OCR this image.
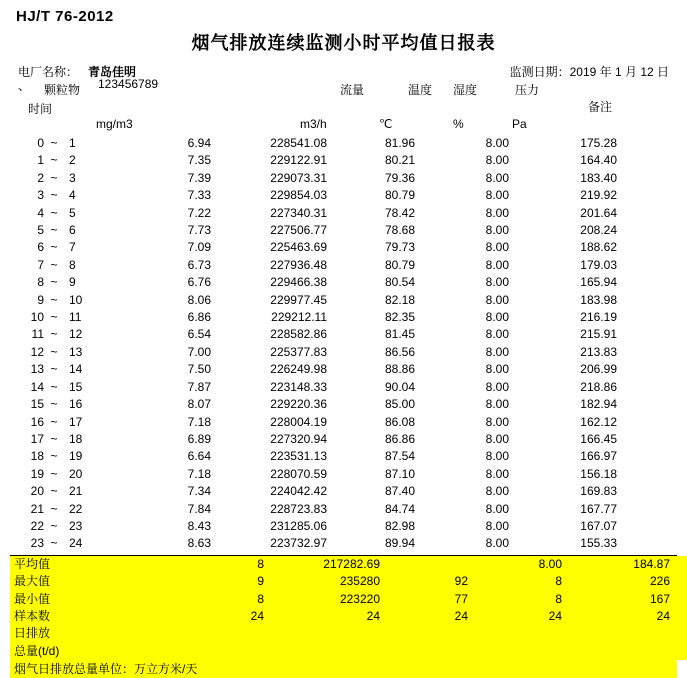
HJ/T 76-2012
烟气排放连续监测小时平均值日报表
电厂名称： 青岛佳明
、	123456789
监测日期：2019 年 1 月 12 日
颗粒物	流量	温度 湿度	压力
备注
时间
mg/m3	m3/h	℃	%	Pa
0	~	1	6.94	228541.08	81.96	8.00	175.28	
1	~	2	7.35	229122.91	80.21	8.00	164.40	
2	~	3	7.39	229073.31	79.36	8.00	183.40	
3	~	4	7.33	229854.03	80.79	8.00	219.92	
4	~	5	7.22	227340.31	78.42	8.00	201.64	
5	~	6	7.73	227506.77	78.68	8.00	208.24	
6	~	7	7.09	225463.69	79.73	8.00	188.62	
7	~	8	6.73	227936.48	80.79	8.00	179.03	
8	~	9	6.76	229466.38	80.54	8.00	165.94	
9	~	10	8.06	229977.45	82.18	8.00	183.98	
10	~	11	6.86	229212.11	82.35	8.00	216.19	
11	~	12	6.54	228582.86	81.45	8.00	215.91	
12	~	13	7.00	225377.83	86.56	8.00	213.83	
13	~	14	7.50	226249.98	88.86	8.00	206.99	
14	~	15	7.87	223148.33	90.04	8.00	218.86	
15	~	16	8.07	229220.36	85.00	8.00	182.94	
16	~	17	7.18	228004.19	86.08	8.00	162.12	
17	~	18	6.89	227320.94	86.86	8.00	166.45	
18	~	19	6.64	223531.13	87.54	8.00	166.97	
19	~	20	7.18	228070.59	87.10	8.00	156.18	
20	~	21	7.34	224042.42	87.40	8.00	169.83	
21	~	22	7.84	228723.83	84.74	8.00	167.77	
22	~	23	8.43	231285.06	82.98	8.00	167.07	
23	~	24	8.63	223732.97	89.94	8.00	155.33	
平均值	8	217282.69		8.00	184.87	
最大值	9	235280	92	8	226	
最小值	8	223220	77	8	167	
样本数	24	24	24	24	24	
日排放						
总量(t/d)						
烟气日排放总量单位：万立方米/天
